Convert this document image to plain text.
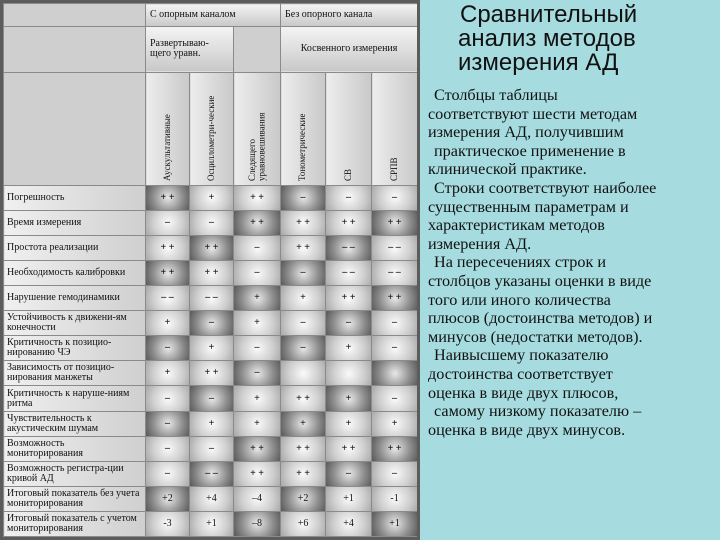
	С опорным каналом			Без опорного канала		
	Развертываю-щего уравн.			Косвенного измерения		

	Аускультативные	Осциллометри-ческие	Следящего уравновешивания	Тонометрические	СВ	СРПВ

Погрешность	+ +	+	+ +	–	–	–
Время измерения	–	–	+ +	+ +	+ +	+ +
Простота реализации	+ +	+ +	–	+ +	– –	– –
Необходимость калибровки	+ +	+ +	–	–	– –	– –
Нарушение гемодинамики	– –	– –	+	+	+ +	+ +
Устойчивость к движени-ям конечности	+	–	+	–	–	–
Критичность к позицио-нированию ЧЭ	–	+	–	–	+	–
Зависимость от позицио-нирования манжеты	+	+ +	–			
Критичность к наруше-ниям ритма	–	–	+	+ +	+	–
Чувствительность к акустическим шумам	–	+	+	+	+	+
Возможность мониторирования	–	–	+ +	+ +	+ +	+ +
Возможность регистра-ции кривой АД	–	– –	+ +	+ +	–	–
Итоговый показатель без учета мониторирования	+2	+4	–4	+2	+1	-1
Итоговый показатель с учетом мониторирования	-3	+1	–8	+6	+4	+1
Сравнительный
анализ методов
измерения АД
Столбцы таблицы
соответствуют шести методам
измерения АД, получившим
практическое применение в
клинической практике.
Строки соответствуют наиболее
существенным параметрам и
характеристикам методов
измерения АД.
На пересечениях строк и
столбцов указаны оценки в виде
того или иного количества
плюсов (достоинства методов) и
минусов (недостатки методов).
Наивысшему показателю
достоинства соответствует
оценка в виде двух плюсов,
самому низкому показателю –
оценка в виде двух минусов.
